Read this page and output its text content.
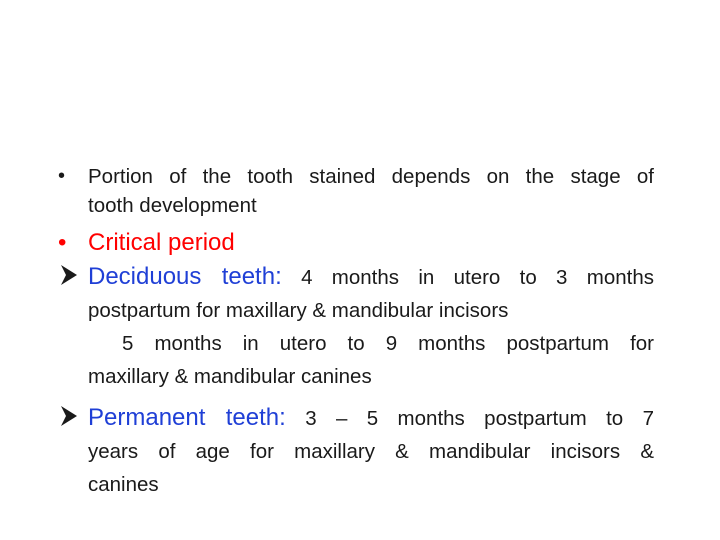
•	Portion of the tooth stained depends on the stage of
tooth development
• Critical period
Deciduous teeth: 4 months in utero to 3 months
postpartum for maxillary & mandibular incisors
5 months in utero to 9 months postpartum for
maxillary & mandibular canines
Permanent teeth: 3 – 5 months postpartum to 7
years of age for maxillary & mandibular incisors &
canines
